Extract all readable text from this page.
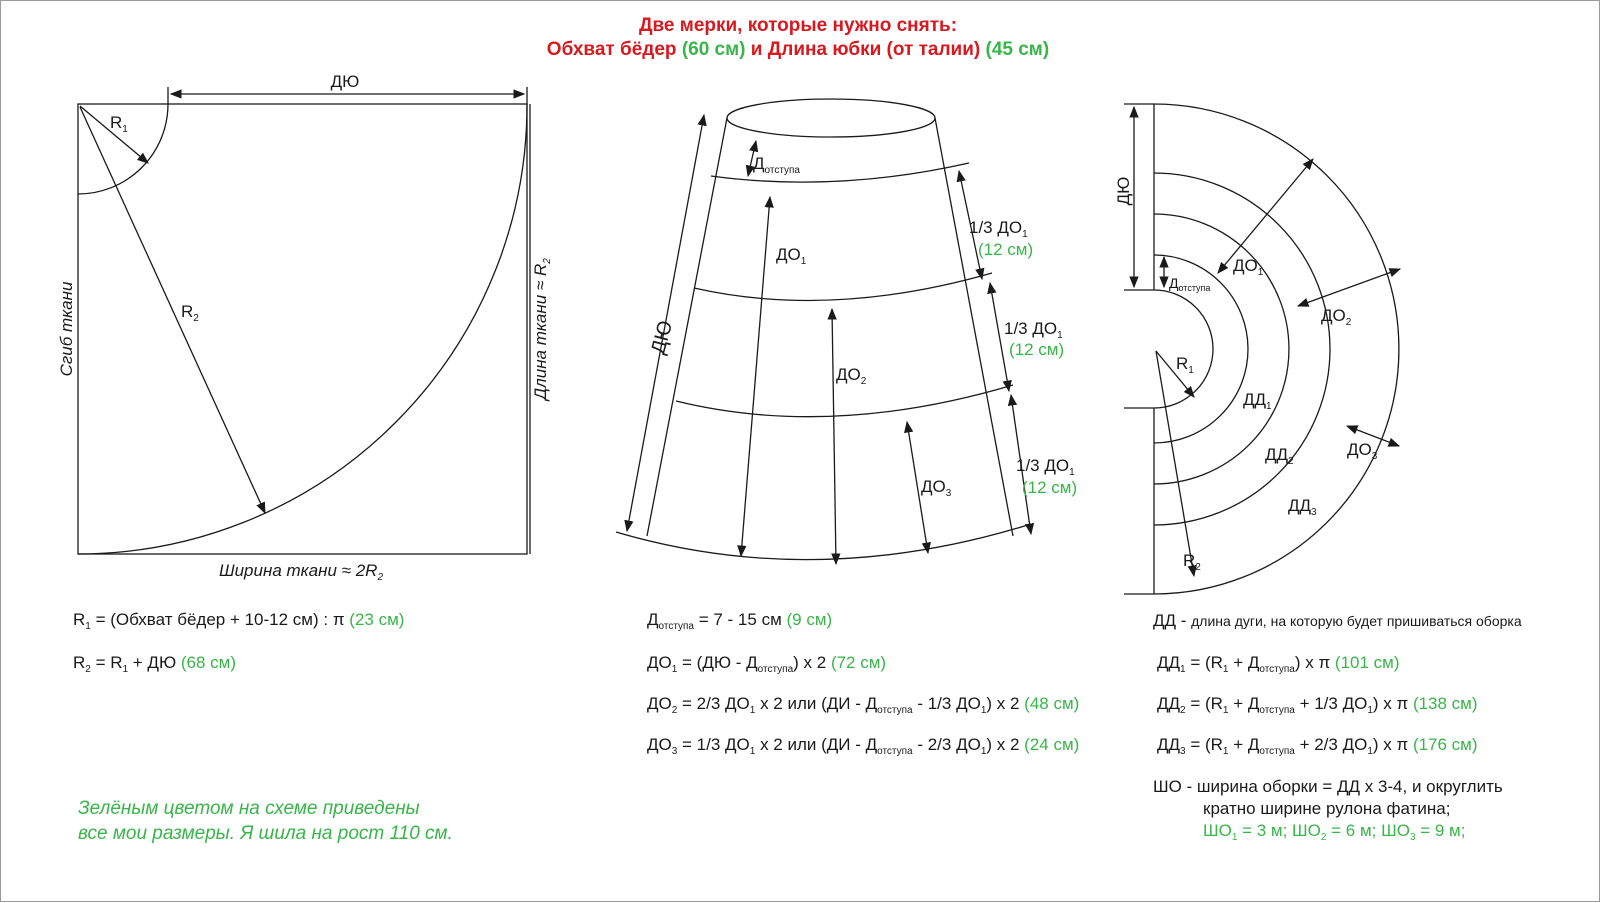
Две мерки, которые нужно снять:
Обхват бёдер (60 см) и Длина юбки (от талии) (45 см)
ДЮ
$R_1$
$R_2$
Сгиб ткани	Длина ткани ≈ $R_2$
Ширина ткани ≈ $2R_2$
ДЮ
$Д_{отступа}$
$ДО_1$
$ДО_2$
$ДО_3$
1/3 $ДО_1$
(12 см)
1/3 $ДО_1$
(12 см)
1/3 $ДО_1$
(12 см)
ДЮ
$Д_{отступа}$
$ДО_1$
$ДО_2$
$ДО_3$
$R_1$
$R_2$
$ДД_1$
$ДД_2$
$ДД_3$
$R_1$ = (Обхват бёдер + 10-12 см) : π (23 см)
$R_2 = R_1$ + ДЮ (68 см)
$Д_{отступа} = 7 - 15$ см (9 см)
$ДО_1 = (ДЮ - Д_{отступа})$ х 2 (72 см)
$ДО_2 = 2/3$ $ДО_1$ х 2 или ($ДИ - Д_{отступа} - 1/3$ $ДО_1$) х 2 (48 см)
$ДО_3 = 1/3$ $ДО_1$ х 2 или ($ДИ - Д_{отступа} - 2/3$ $ДО_1$) х 2 (24 см)
ДД - длина дуги, на которую будет пришиваться оборка
$ДД_1 = (R_1 + Д_{отступа})$ х π (101 см)
$ДД_2 = (R_1 + Д_{отступа} + 1/3$ $ДО_1$) х π (138 см)
$ДД_3 = (R_1 + Д_{отступа} + 2/3$ $ДО_1$) х π (176 см)
ШО - ширина оборки = ДД х 3-4, и округлить
кратно ширине рулона фатина;
$ШО_1 = 3$ м; $ШО_2 = 6$ м; $ШО_3 = 9$ м;
Зелёным цветом на схеме приведены
все мои размеры. Я шила на рост 110 см.
